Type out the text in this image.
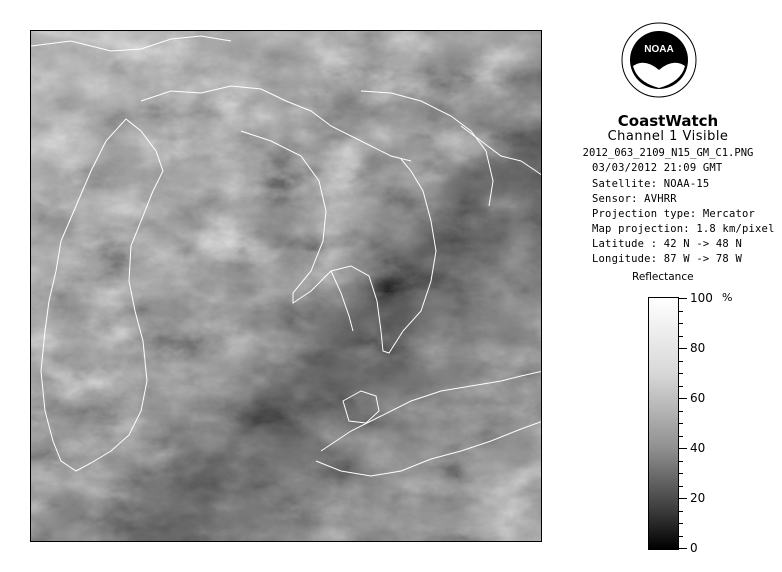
NOAA
CoastWatch
Channel 1 Visible
2012_063_2109_N15_GM_C1.PNG
03/03/2012 21:09 GMT
Satellite: NOAA-15
Sensor: AVHRR
Projection type: Mercator
Map projection: 1.8 km/pixel
Latitude : 42 N -> 48 N
Longitude: 87 W -> 78 W
Reflectance
%
100
80
60
40
20
0
